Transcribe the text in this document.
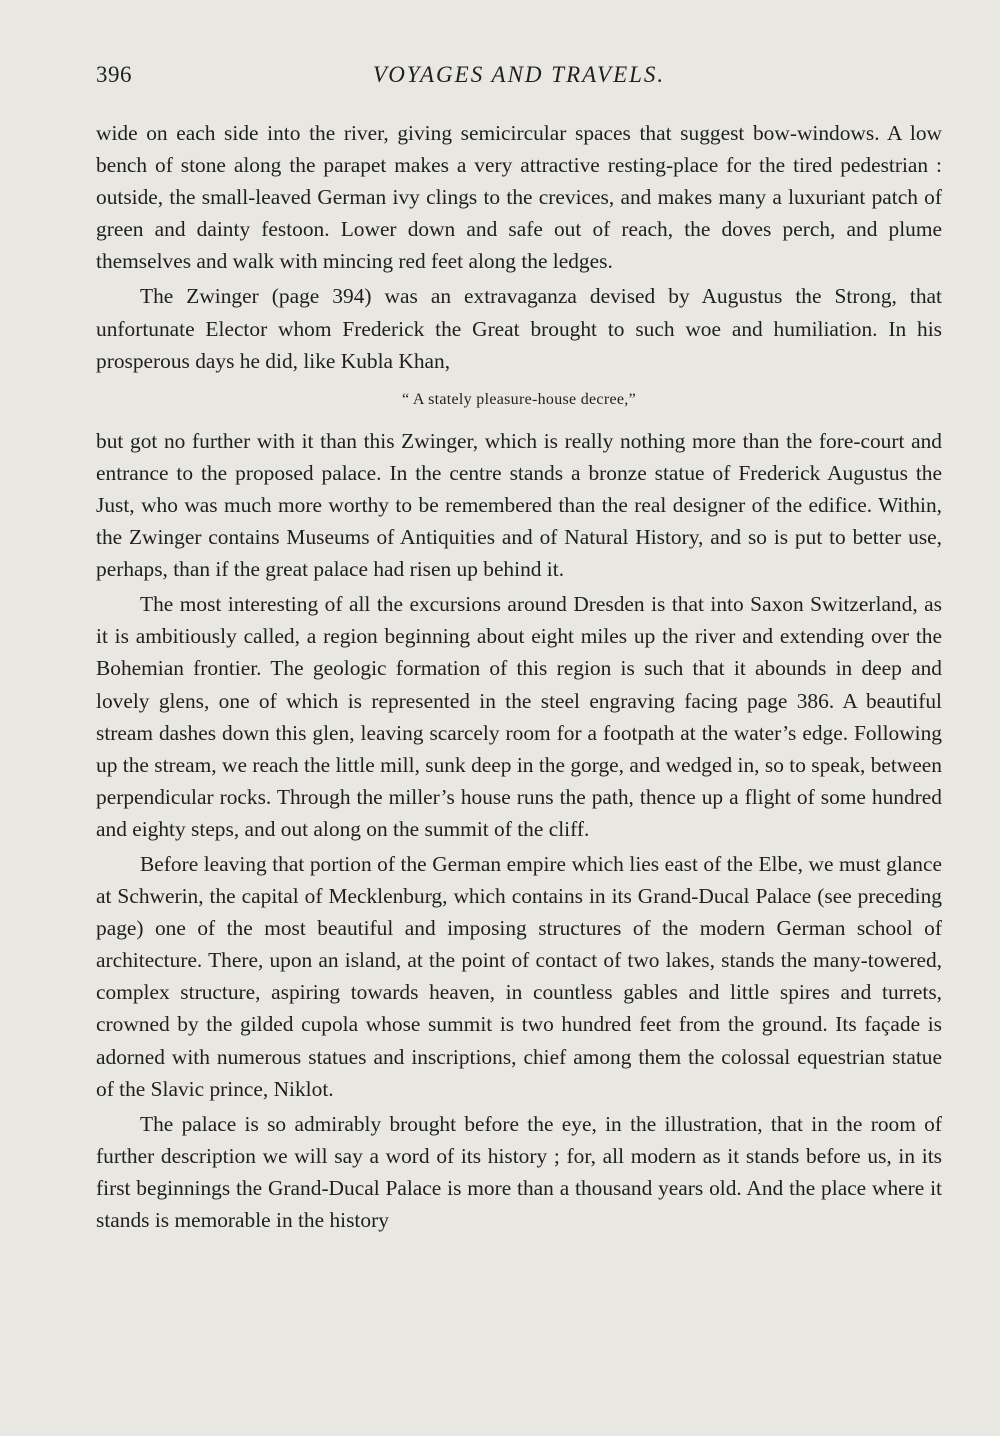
396	VOYAGES AND TRAVELS.

wide on each side into the river, giving semicircular spaces that suggest bow-windows. A low bench of stone along the parapet makes a very attractive resting-place for the tired pedestrian : outside, the small-leaved German ivy clings to the crevices, and makes many a luxuriant patch of green and dainty festoon. Lower down and safe out of reach, the doves perch, and plume themselves and walk with mincing red feet along the ledges.

The Zwinger (page 394) was an extravaganza devised by Augustus the Strong, that unfortunate Elector whom Frederick the Great brought to such woe and humiliation. In his prosperous days he did, like Kubla Khan,

“ A stately pleasure-house decree,”

but got no further with it than this Zwinger, which is really nothing more than the fore-court and entrance to the proposed palace. In the centre stands a bronze statue of Frederick Augustus the Just, who was much more worthy to be remembered than the real designer of the edifice. Within, the Zwinger contains Museums of Antiquities and of Natural History, and so is put to better use, perhaps, than if the great palace had risen up behind it.

The most interesting of all the excursions around Dresden is that into Saxon Switzerland, as it is ambitiously called, a region beginning about eight miles up the river and extending over the Bohemian frontier. The geologic formation of this region is such that it abounds in deep and lovely glens, one of which is represented in the steel engraving facing page 386. A beautiful stream dashes down this glen, leaving scarcely room for a footpath at the water’s edge. Following up the stream, we reach the little mill, sunk deep in the gorge, and wedged in, so to speak, between perpendicular rocks. Through the miller’s house runs the path, thence up a flight of some hundred and eighty steps, and out along on the summit of the cliff.

Before leaving that portion of the German empire which lies east of the Elbe, we must glance at Schwerin, the capital of Mecklenburg, which contains in its Grand-Ducal Palace (see preceding page) one of the most beautiful and imposing structures of the modern German school of architecture. There, upon an island, at the point of contact of two lakes, stands the many-towered, complex structure, aspiring towards heaven, in countless gables and little spires and turrets, crowned by the gilded cupola whose summit is two hundred feet from the ground. Its façade is adorned with numerous statues and inscriptions, chief among them the colossal equestrian statue of the Slavic prince, Niklot.

The palace is so admirably brought before the eye, in the illustration, that in the room of further description we will say a word of its history ; for, all modern as it stands before us, in its first beginnings the Grand-Ducal Palace is more than a thousand years old. And the place where it stands is memorable in the history
